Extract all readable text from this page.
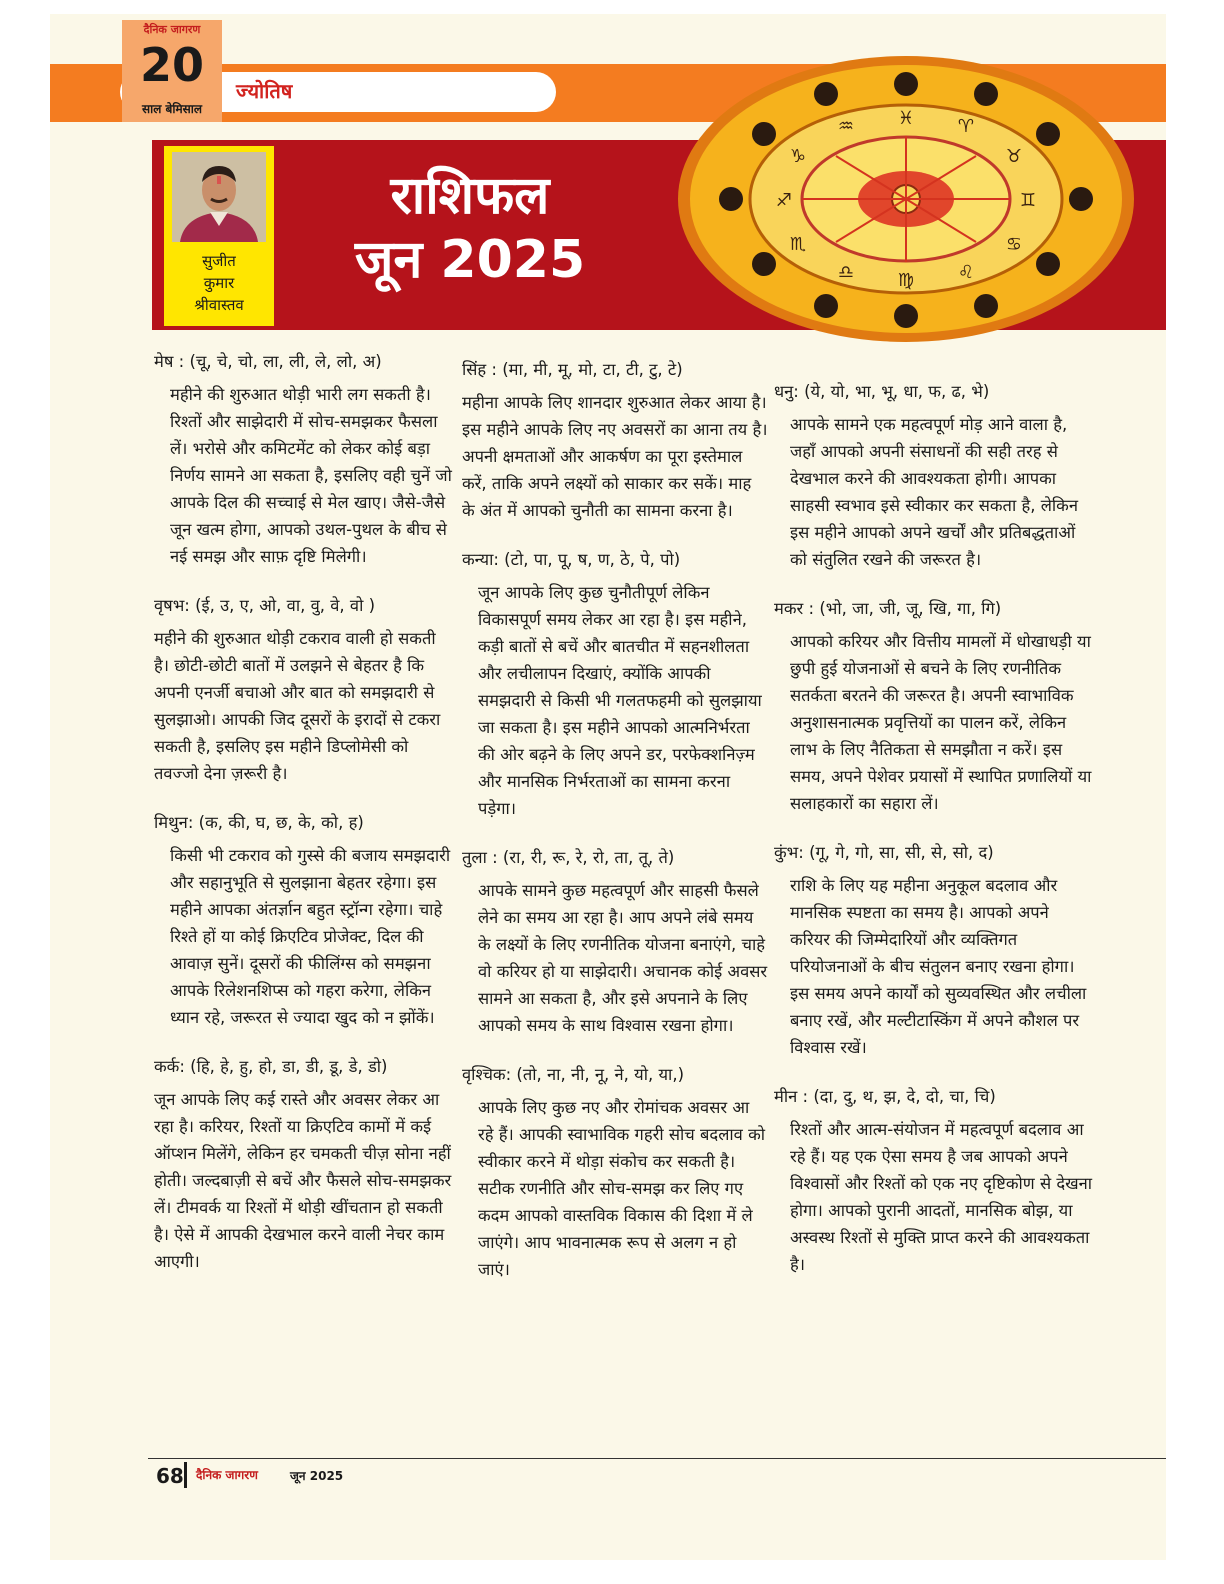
ज्योतिष
दैनिक जागरण
20
साल बेमिसाल
सुजीत
कुमार
श्रीवास्तव
राशिफल
जून 2025
♓ ♈
♉
♊
♋
♌
♍
♎
♏
♐
♑
♒
मेष : (चू, चे, चो, ला, ली, ले, लो, अ)

महीने की शुरुआत थोड़ी भारी लग सकती है। रिश्तों और साझेदारी में सोच-समझकर फैसला लें। भरोसे और कमिटमेंट को लेकर कोई बड़ा निर्णय सामने आ सकता है, इसलिए वही चुनें जो आपके दिल की सच्चाई से मेल खाए। जैसे-जैसे जून खत्म होगा, आपको उथल-पुथल के बीच से नई समझ और साफ़ दृष्टि मिलेगी।

वृषभ: (ई, उ, ए, ओ, वा, वु, वे, वो )

महीने की शुरुआत थोड़ी टकराव वाली हो सकती है। छोटी-छोटी बातों में उलझने से बेहतर है कि अपनी एनर्जी बचाओ और बात को समझदारी से सुलझाओ। आपकी जिद दूसरों के इरादों से टकरा सकती है, इसलिए इस महीने डिप्लोमेसी को तवज्जो देना ज़रूरी है।

मिथुन: (क, की, घ, छ, के, को, ह)

किसी भी टकराव को गुस्से की बजाय समझदारी और सहानुभूति से सुलझाना बेहतर रहेगा। इस महीने आपका अंतर्ज्ञान बहुत स्ट्रॉन्ग रहेगा। चाहे रिश्ते हों या कोई क्रिएटिव प्रोजेक्ट, दिल की आवाज़ सुनें। दूसरों की फीलिंग्स को समझना आपके रिलेशनशिप्स को गहरा करेगा, लेकिन ध्यान रहे, जरूरत से ज्यादा खुद को न झोंकें।

कर्क: (हि, हे, हु, हो, डा, डी, डू, डे, डो)

जून आपके लिए कई रास्ते और अवसर लेकर आ रहा है। करियर, रिश्तों या क्रिएटिव कामों में कई ऑप्शन मिलेंगे, लेकिन हर चमकती चीज़ सोना नहीं होती। जल्दबाज़ी से बचें और फैसले सोच-समझकर लें। टीमवर्क या रिश्तों में थोड़ी खींचतान हो सकती है। ऐसे में आपकी देखभाल करने वाली नेचर काम आएगी।

सिंह : (मा, मी, मू, मो, टा, टी, टु, टे)

महीना आपके लिए शानदार शुरुआत लेकर आया है। इस महीने आपके लिए नए अवसरों का आना तय है। अपनी क्षमताओं और आकर्षण का पूरा इस्तेमाल करें, ताकि अपने लक्ष्यों को साकार कर सकें। माह के अंत में आपको चुनौती का सामना करना है।

कन्या: (टो, पा, पू, ष, ण, ठे, पे, पो)

जून आपके लिए कुछ चुनौतीपूर्ण लेकिन विकासपूर्ण समय लेकर आ रहा है। इस महीने, कड़ी बातों से बचें और बातचीत में सहनशीलता और लचीलापन दिखाएं, क्योंकि आपकी समझदारी से किसी भी गलतफहमी को सुलझाया जा सकता है। इस महीने आपको आत्मनिर्भरता की ओर बढ़ने के लिए अपने डर, परफेक्शनिज़्म और मानसिक निर्भरताओं का सामना करना पड़ेगा।

तुला : (रा, री, रू, रे, रो, ता, तू, ते)

आपके सामने कुछ महत्वपूर्ण और साहसी फैसले लेने का समय आ रहा है। आप अपने लंबे समय के लक्ष्यों के लिए रणनीतिक योजना बनाएंगे, चाहे वो करियर हो या साझेदारी। अचानक कोई अवसर सामने आ सकता है, और इसे अपनाने के लिए आपको समय के साथ विश्वास रखना होगा।

वृश्चिक: (तो, ना, नी, नू, ने, यो, या,)

आपके लिए कुछ नए और रोमांचक अवसर आ रहे हैं। आपकी स्वाभाविक गहरी सोच बदलाव को स्वीकार करने में थोड़ा संकोच कर सकती है। सटीक रणनीति और सोच-समझ कर लिए गए कदम आपको वास्तविक विकास की दिशा में ले जाएंगे। आप भावनात्मक रूप से अलग न हो जाएं।

धनु: (ये, यो, भा, भू, धा, फ, ढ, भे)

आपके सामने एक महत्वपूर्ण मोड़ आने वाला है, जहाँ आपको अपनी संसाधनों की सही तरह से देखभाल करने की आवश्यकता होगी। आपका साहसी स्वभाव इसे स्वीकार कर सकता है, लेकिन इस महीने आपको अपने खर्चों और प्रतिबद्धताओं को संतुलित रखने की जरूरत है।

मकर : (भो, जा, जी, जू, खि, गा, गि)

आपको करियर और वित्तीय मामलों में धोखाधड़ी या छुपी हुई योजनाओं से बचने के लिए रणनीतिक सतर्कता बरतने की जरूरत है। अपनी स्वाभाविक अनुशासनात्मक प्रवृत्तियों का पालन करें, लेकिन लाभ के लिए नैतिकता से समझौता न करें। इस समय, अपने पेशेवर प्रयासों में स्थापित प्रणालियों या सलाहकारों का सहारा लें।

कुंभ: (गू, गे, गो, सा, सी, से, सो, द)

राशि के लिए यह महीना अनुकूल बदलाव और मानसिक स्पष्टता का समय है। आपको अपने करियर की जिम्मेदारियों और व्यक्तिगत परियोजनाओं के बीच संतुलन बनाए रखना होगा। इस समय अपने कार्यों को सुव्यवस्थित और लचीला बनाए रखें, और मल्टीटास्किंग में अपने कौशल पर विश्वास रखें।

मीन : (दा, दु, थ, झ, दे, दो, चा, चि)

रिश्तों और आत्म-संयोजन में महत्वपूर्ण बदलाव आ रहे हैं। यह एक ऐसा समय है जब आपको अपने विश्वासों और रिश्तों को एक नए दृष्टिकोण से देखना होगा। आपको पुरानी आदतों, मानसिक बोझ, या अस्वस्थ रिश्तों से मुक्ति प्राप्त करने की आवश्यकता है।

68 दैनिक जागरण	जून 2025
